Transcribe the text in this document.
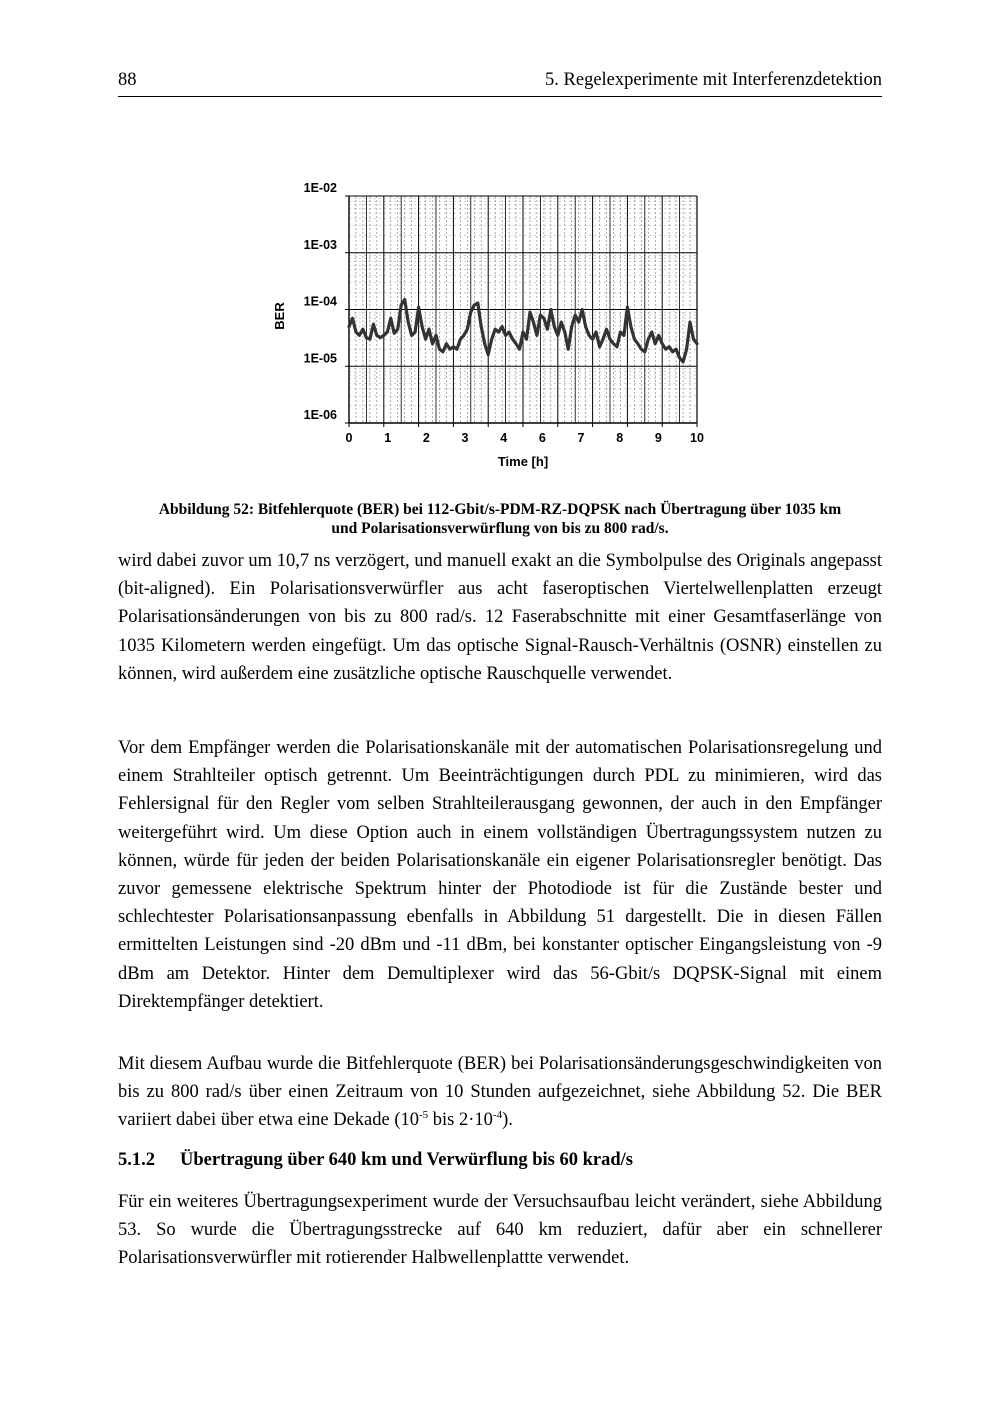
88	5. Regelexperimente mit Interferenzdetektion
1E-02
1E-03
1E-04
1E-05
1E-06
0	1	2	3	4	6	7	8	9 10
BER
Time [h]
Abbildung 52: Bitfehlerquote (BER) bei 112-Gbit/s-PDM-RZ-DQPSK nach Übertragung über 1035 km
und Polarisationsverwürflung von bis zu 800 rad/s.

wird dabei zuvor um 10,7 ns verzögert, und manuell exakt an die Symbolpulse des Originals angepasst (bit-aligned). Ein Polarisationsverwürfler aus acht faseroptischen Viertelwellenplatten erzeugt Polarisationsänderungen von bis zu 800 rad/s. 12 Faserabschnitte mit einer Gesamtfaserlänge von 1035 Kilometern werden eingefügt. Um das optische Signal-Rausch-Verhältnis (OSNR) einstellen zu können, wird außerdem eine zusätzliche optische Rauschquelle verwendet.

Vor dem Empfänger werden die Polarisationskanäle mit der automatischen Polarisationsregelung und einem Strahlteiler optisch getrennt. Um Beeinträchtigungen durch PDL zu minimieren, wird das Fehlersignal für den Regler vom selben Strahlteilerausgang gewonnen, der auch in den Empfänger weitergeführt wird. Um diese Option auch in einem vollständigen Übertragungssystem nutzen zu können, würde für jeden der beiden Polarisationskanäle ein eigener Polarisationsregler benötigt. Das zuvor gemessene elektrische Spektrum hinter der Photodiode ist für die Zustände bester und schlechtester Polarisationsanpassung ebenfalls in Abbildung 51 dargestellt. Die in diesen Fällen ermittelten Leistungen sind -20 dBm und -11 dBm, bei konstanter optischer Eingangsleistung von -9 dBm am Detektor. Hinter dem Demultiplexer wird das 56-Gbit/s DQPSK-Signal mit einem Direktempfänger detektiert.

Mit diesem Aufbau wurde die Bitfehlerquote (BER) bei Polarisationsänderungsgeschwindigkeiten von bis zu 800 rad/s über einen Zeitraum von 10 Stunden aufgezeichnet, siehe Abbildung 52. Die BER variiert dabei über etwa eine Dekade ($10^{-5}$ bis $2\cdot 10^{-4}$).

5.1.2 Übertragung über 640 km und Verwürflung bis 60 krad/s

Für ein weiteres Übertragungsexperiment wurde der Versuchsaufbau leicht verändert, siehe Abbildung 53. So wurde die Übertragungsstrecke auf 640 km reduziert, dafür aber ein schnellerer Polarisationsverwürfler mit rotierender Halbwellenplattte verwendet.
